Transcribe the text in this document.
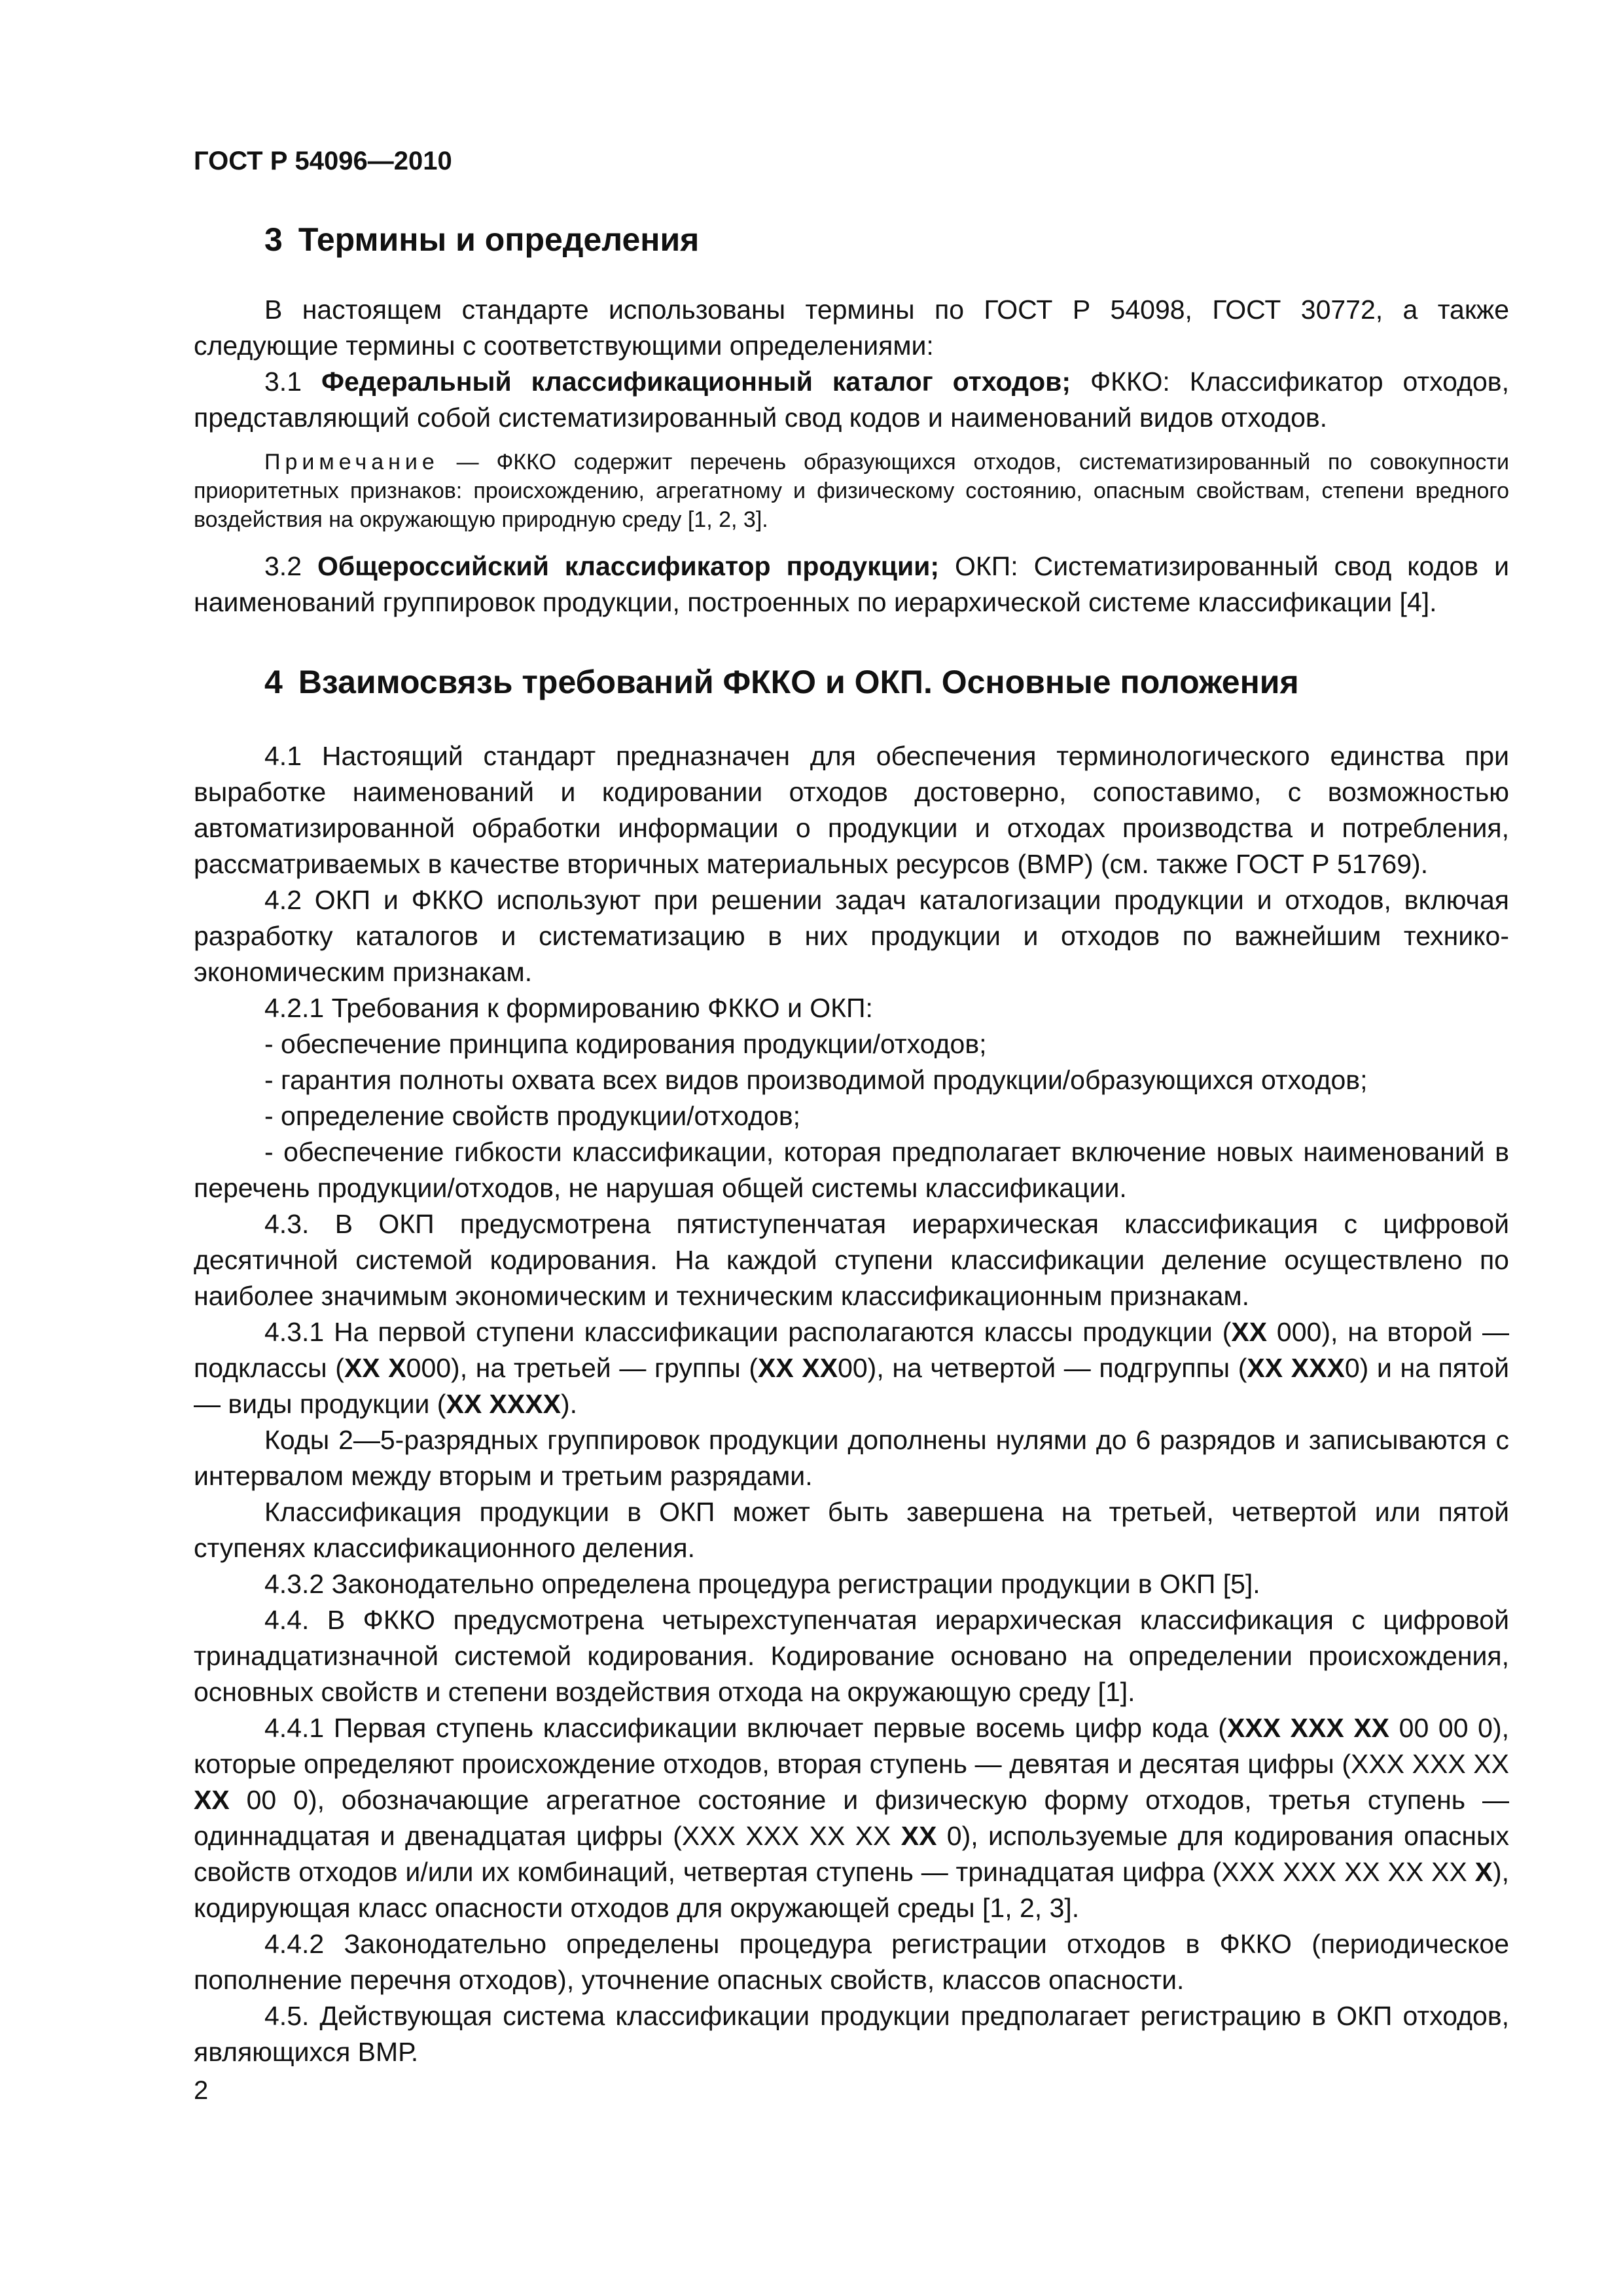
ГОСТ Р 54096—2010
3 Термины и определения

В настоящем стандарте использованы термины по ГОСТ Р 54098, ГОСТ 30772, а также следующие термины с соответствующими определениями:

3.1 Федеральный классификационный каталог отходов; ФККО: Классификатор отходов, представляющий собой систематизированный свод кодов и наименований видов отходов.

Примечание — ФККО содержит перечень образующихся отходов, систематизированный по совокупности приоритетных признаков: происхождению, агрегатному и физическому состоянию, опасным свойствам, степени вредного воздействия на окружающую природную среду [1, 2, 3].

3.2 Общероссийский классификатор продукции; ОКП: Систематизированный свод кодов и наименований группировок продукции, построенных по иерархической системе классификации [4].

4 Взаимосвязь требований ФККО и ОКП. Основные положения

4.1 Настоящий стандарт предназначен для обеспечения терминологического единства при выработке наименований и кодировании отходов достоверно, сопоставимо, с возможностью автоматизированной обработки информации о продукции и отходах производства и потребления, рассматриваемых в качестве вторичных материальных ресурсов (ВМР) (см. также ГОСТ Р 51769).

4.2 ОКП и ФККО используют при решении задач каталогизации продукции и отходов, включая разработку каталогов и систематизацию в них продукции и отходов по важнейшим технико-экономическим признакам.

4.2.1 Требования к формированию ФККО и ОКП:

- обеспечение принципа кодирования продукции/отходов;

- гарантия полноты охвата всех видов производимой продукции/образующихся отходов;

- определение свойств продукции/отходов;

- обеспечение гибкости классификации, которая предполагает включение новых наименований в перечень продукции/отходов, не нарушая общей системы классификации.

4.3. В ОКП предусмотрена пятиступенчатая иерархическая классификация с цифровой десятичной системой кодирования. На каждой ступени классификации деление осуществлено по наиболее значимым экономическим и техническим классификационным признакам.

4.3.1 На первой ступени классификации располагаются классы продукции (ХХ 000), на второй — подклассы (ХХ Х000), на третьей — группы (ХХ ХХ00), на четвертой — подгруппы (ХХ ХХХ0) и на пятой — виды продукции (ХХ ХХХХ).

Коды 2—5-разрядных группировок продукции дополнены нулями до 6 разрядов и записываются с интервалом между вторым и третьим разрядами.

Классификация продукции в ОКП может быть завершена на третьей, четвертой или пятой ступенях классификационного деления.

4.3.2 Законодательно определена процедура регистрации продукции в ОКП [5].

4.4. В ФККО предусмотрена четырехступенчатая иерархическая классификация с цифровой тринадцатизначной системой кодирования. Кодирование основано на определении происхождения, основных свойств и степени воздействия отхода на окружающую среду [1].

4.4.1 Первая ступень классификации включает первые восемь цифр кода (ХХХ ХХХ ХХ 00 00 0), которые определяют происхождение отходов, вторая ступень — девятая и десятая цифры (ХХХ ХХХ ХХ ХХ 00 0), обозначающие агрегатное состояние и физическую форму отходов, третья ступень — одиннадцатая и двенадцатая цифры (ХХХ ХХХ ХХ ХХ ХХ 0), используемые для кодирования опасных свойств отходов и/или их комбинаций, четвертая ступень — тринадцатая цифра (ХХХ ХХХ ХХ ХХ ХХ Х), кодирующая класс опасности отходов для окружающей среды [1, 2, 3].

4.4.2 Законодательно определены процедура регистрации отходов в ФККО (периодическое пополнение перечня отходов), уточнение опасных свойств, классов опасности.

4.5. Действующая система классификации продукции предполагает регистрацию в ОКП отходов, являющихся ВМР.

2
